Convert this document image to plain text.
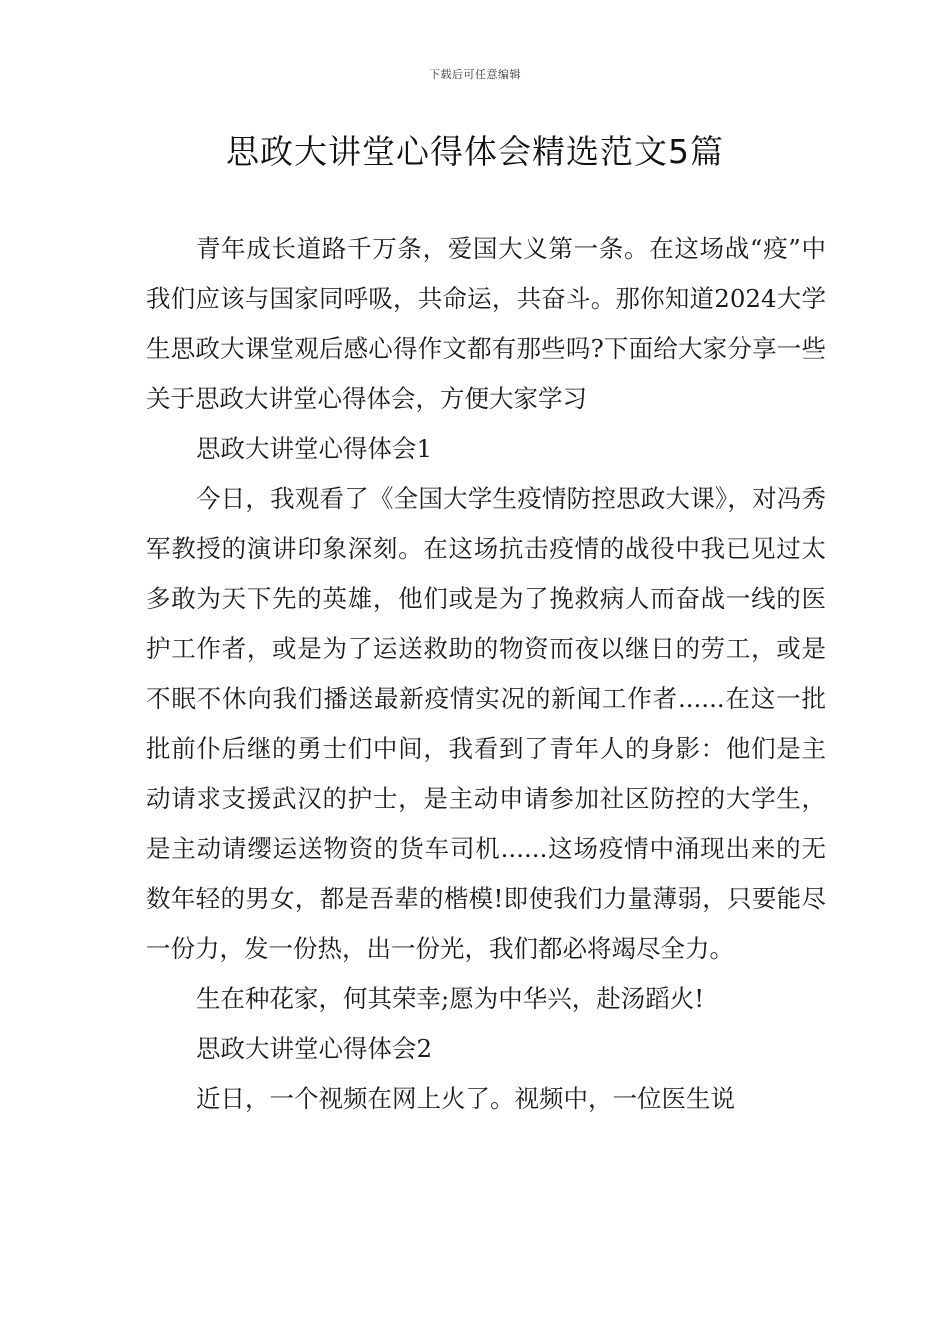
下载后可任意编辑
思政大讲堂心得体会精选范文5篇

青年成长道路千万条，爱国大义第一条。在这场战“疫”中我们应该与国家同呼吸，共命运，共奋斗。那你知道2024大学生思政大课堂观后感心得作文都有那些吗?下面给大家分享一些关于思政大讲堂心得体会，方便大家学习

思政大讲堂心得体会1

今日，我观看了《全国大学生疫情防控思政大课》，对冯秀军教授的演讲印象深刻。在这场抗击疫情的战役中我已见过太多敢为天下先的英雄，他们或是为了挽救病人而奋战一线的医护工作者，或是为了运送救助的物资而夜以继日的劳工，或是不眠不休向我们播送最新疫情实况的新闻工作者......在这一批批前仆后继的勇士们中间，我看到了青年人的身影：他们是主动请求支援武汉的护士，是主动申请参加社区防控的大学生，是主动请缨运送物资的货车司机......这场疫情中涌现出来的无数年轻的男女，都是吾辈的楷模!即使我们力量薄弱，只要能尽一份力，发一份热，出一份光，我们都必将竭尽全力。

生在种花家，何其荣幸;愿为中华兴，赴汤蹈火!

思政大讲堂心得体会2

近日，一个视频在网上火了。视频中，一位医生说
